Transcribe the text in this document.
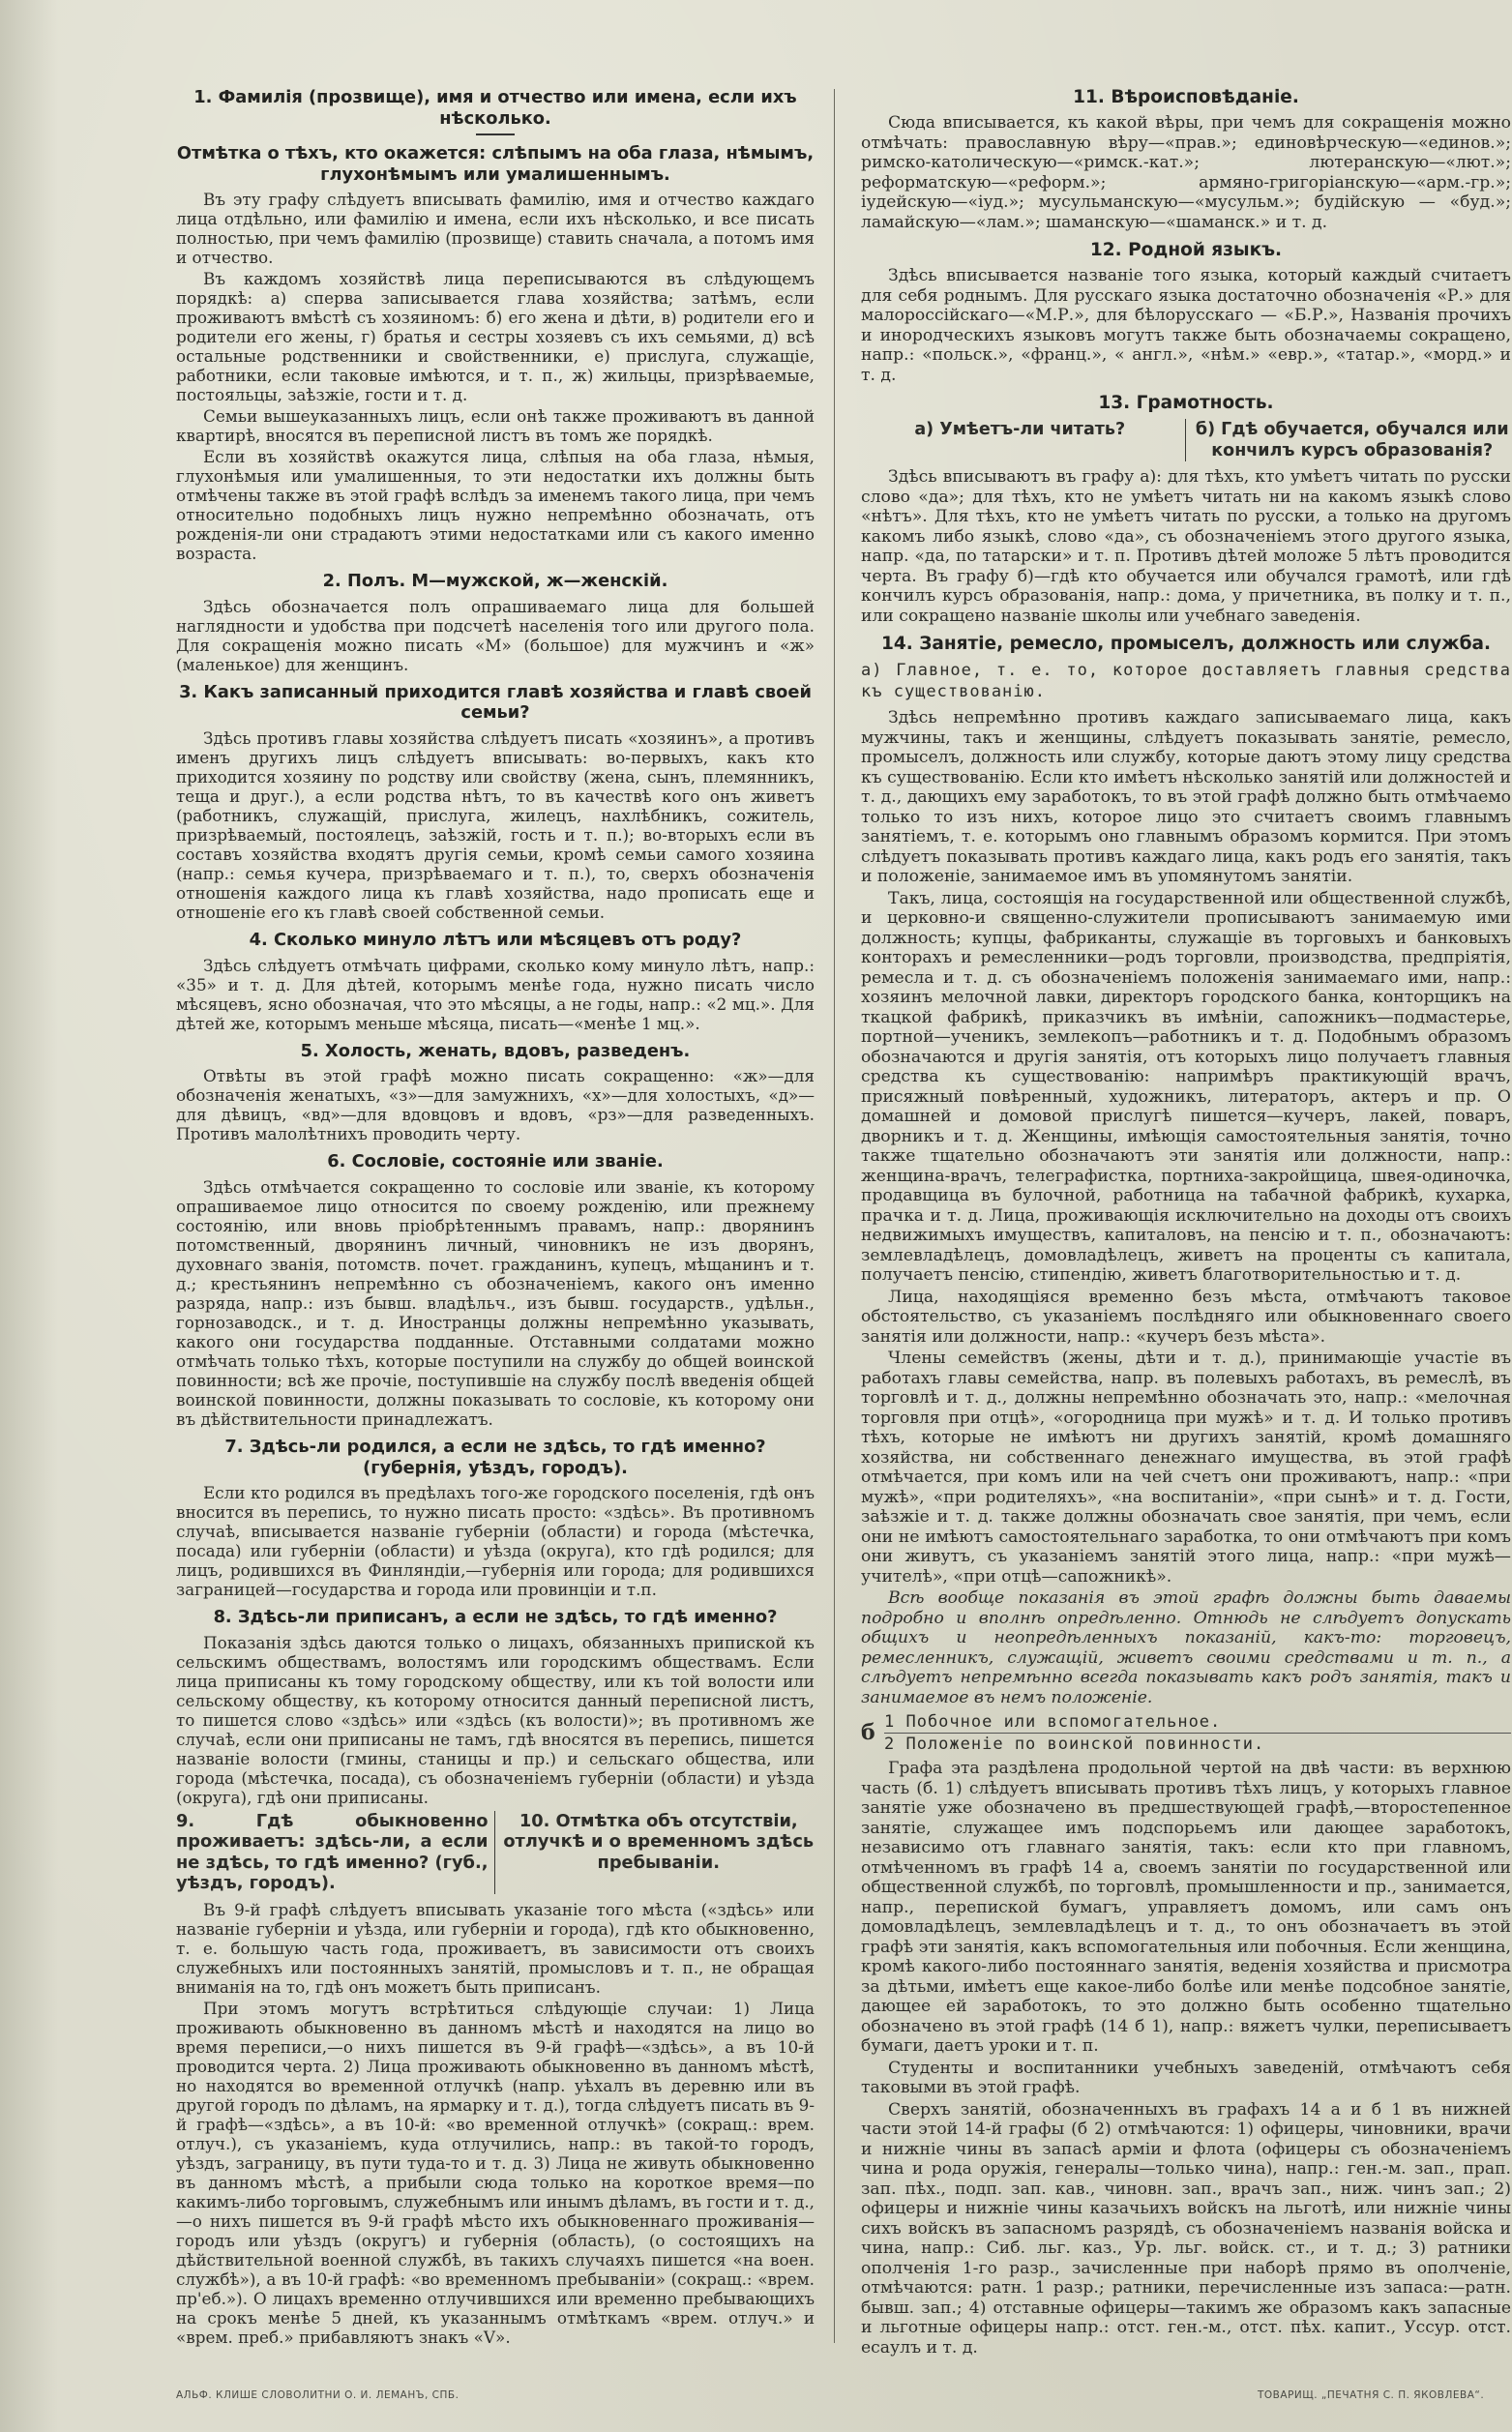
1. Фамилія (прозвище), имя и отчество или имена, если ихъ нѣсколько.
Отмѣтка о тѣхъ, кто окажется: слѣпымъ на оба глаза, нѣмымъ, глухонѣмымъ или умалишеннымъ.

Въ эту графу слѣдуетъ вписывать фамилію, имя и отчество каждаго лица отдѣльно, или фамилію и имена, если ихъ нѣсколько, и все писать полностью, при чемъ фамилію (прозвище) ставить сначала, а потомъ имя и отчество.

Въ каждомъ хозяйствѣ лица переписываются въ слѣдующемъ порядкѣ: а) сперва записывается глава хозяйства; затѣмъ, если проживаютъ вмѣстѣ съ хозяиномъ: б) его жена и дѣти, в) родители его и родители его жены, г) братья и сестры хозяевъ съ ихъ семьями, д) всѣ остальные родственники и свойственники, е) прислуга, служащіе, работники, если таковые имѣются, и т. п., ж) жильцы, призрѣваемые, постояльцы, заѣзжіе, гости и т. д.

Семьи вышеуказанныхъ лицъ, если онѣ также проживаютъ въ данной квартирѣ, вносятся въ переписной листъ въ томъ же порядкѣ.

Если въ хозяйствѣ окажутся лица, слѣпыя на оба глаза, нѣмыя, глухонѣмыя или умалишенныя, то эти недостатки ихъ должны быть отмѣчены также въ этой графѣ вслѣдъ за именемъ такого лица, при чемъ относительно подобныхъ лицъ нужно непремѣнно обозначать, отъ рожденія-ли они страдаютъ этими недостатками или съ какого именно возраста.

2. Полъ. М—мужской, ж—женскій.

Здѣсь обозначается полъ опрашиваемаго лица для большей наглядности и удобства при подсчетѣ населенія того или другого пола. Для сокращенія можно писать «М» (большое) для мужчинъ и «ж» (маленькое) для женщинъ.

3. Какъ записанный приходится главѣ хозяйства и главѣ своей семьи?

Здѣсь противъ главы хозяйства слѣдуетъ писать «хозяинъ», а противъ именъ другихъ лицъ слѣдуетъ вписывать: во-первыхъ, какъ кто приходится хозяину по родству или свойству (жена, сынъ, племянникъ, теща и друг.), а если родства нѣтъ, то въ качествѣ кого онъ живетъ (работникъ, служащій, прислуга, жилецъ, нахлѣбникъ, сожитель, призрѣваемый, постоялецъ, заѣзжій, гость и т. п.); во-вторыхъ если въ составъ хозяйства входятъ другія семьи, кромѣ семьи самого хозяина (напр.: семья кучера, призрѣваемаго и т. п.), то, сверхъ обозначенія отношенія каждого лица къ главѣ хозяйства, надо прописать еще и отношеніе его къ главѣ своей собственной семьи.

4. Сколько минуло лѣтъ или мѣсяцевъ отъ роду?

Здѣсь слѣдуетъ отмѣчать цифрами, сколько кому минуло лѣтъ, напр.: «35» и т. д. Для дѣтей, которымъ менѣе года, нужно писать число мѣсяцевъ, ясно обозначая, что это мѣсяцы, а не годы, напр.: «2 мц.». Для дѣтей же, которымъ меньше мѣсяца, писать—«менѣе 1 мц.».

5. Холость, женать, вдовъ, разведенъ.

Отвѣты въ этой графѣ можно писать сокращенно: «ж»—для обозначенія женатыхъ, «з»—для замужнихъ, «х»—для холостыхъ, «д»—для дѣвицъ, «вд»—для вдовцовъ и вдовъ, «рз»—для разведенныхъ. Противъ малолѣтнихъ проводить черту.

6. Сословіе, состояніе или званіе.

Здѣсь отмѣчается сокращенно то сословіе или званіе, къ которому опрашиваемое лицо относится по своему рожденію, или прежнему состоянію, или вновь пріобрѣтеннымъ правамъ, напр.: дворянинъ потомственный, дворянинъ личный, чиновникъ не изъ дворянъ, духовнаго званія, потомств. почет. гражданинъ, купецъ, мѣщанинъ и т. д.; крестьянинъ непремѣнно съ обозначеніемъ, какого онъ именно разряда, напр.: изъ бывш. владѣльч., изъ бывш. государств., удѣльн., горнозаводск., и т. д. Иностранцы должны непремѣнно указывать, какого они государства подданные. Отставными солдатами можно отмѣчать только тѣхъ, которые поступили на службу до общей воинской повинности; всѣ же прочіе, поступившіе на службу послѣ введенія общей воинской повинности, должны показывать то сословіе, къ которому они въ дѣйствительности принадлежатъ.

7. Здѣсь-ли родился, а если не здѣсь, то гдѣ именно? (губернія, уѣздъ, городъ).

Если кто родился въ предѣлахъ того-же городского поселенія, гдѣ онъ вносится въ перепись, то нужно писать просто: «здѣсь». Въ противномъ случаѣ, вписывается названіе губерніи (области) и города (мѣстечка, посада) или губерніи (области) и уѣзда (округа), кто гдѣ родился; для лицъ, родившихся въ Финляндіи,—губернія или города; для родившихся заграницей—государства и города или провинціи и т.п.

8. Здѣсь-ли приписанъ, а если не здѣсь, то гдѣ именно?

Показанія здѣсь даются только о лицахъ, обязанныхъ припиской къ сельскимъ обществамъ, волостямъ или городскимъ обществамъ. Если лица приписаны къ тому городскому обществу, или къ той волости или сельскому обществу, къ которому относится данный переписной листъ, то пишется слово «здѣсь» или «здѣсь (къ волости)»; въ противномъ же случаѣ, если они приписаны не тамъ, гдѣ вносятся въ перепись, пишется названіе волости (гмины, станицы и пр.) и сельскаго общества, или города (мѣстечка, посада), съ обозначеніемъ губерніи (области) и уѣзда (округа), гдѣ они приписаны.

9. Гдѣ обыкновенно проживаетъ: здѣсь-ли, а если не здѣсь, то гдѣ именно? (губ., уѣздъ, городъ).
10. Отмѣтка объ отсутствіи, отлучкѣ и о временномъ здѣсь пребываніи.

Въ 9-й графѣ слѣдуетъ вписывать указаніе того мѣста («здѣсь» или названіе губерніи и уѣзда, или губерніи и города), гдѣ кто обыкновенно, т. е. большую часть года, проживаетъ, въ зависимости отъ своихъ служебныхъ или постоянныхъ занятій, промысловъ и т. п., не обращая вниманія на то, гдѣ онъ можетъ быть приписанъ.

При этомъ могутъ встрѣтиться слѣдующіе случаи: 1) Лица проживають обыкновенно въ данномъ мѣстѣ и находятся на лицо во время переписи,—о нихъ пишется въ 9-й графѣ—«здѣсь», а въ 10-й проводится черта. 2) Лица проживають обыкновенно въ данномъ мѣстѣ, но находятся во временной отлучкѣ (напр. уѣхалъ въ деревню или въ другой городъ по дѣламъ, на ярмарку и т. д.), тогда слѣдуетъ писать въ 9-й графѣ—«здѣсь», а въ 10-й: «во временной отлучкѣ» (сокращ.: врем. отлуч.), съ указаніемъ, куда отлучились, напр.: въ такой-то городъ, уѣздъ, заграницу, въ пути туда-то и т. д. 3) Лица не живуть обыкновенно въ данномъ мѣстѣ, а прибыли сюда только на короткое время—по какимъ-либо торговымъ, служебнымъ или инымъ дѣламъ, въ гости и т. д.,—о нихъ пишется въ 9-й графѣ мѣсто ихъ обыкновеннаго проживанія—городъ или уѣздъ (округъ) и губернія (область), (о состоящихъ на дѣйствительной военной службѣ, въ такихъ случаяхъ пишется «на воен. службѣ»), а въ 10-й графѣ: «во временномъ пребываніи» (сокращ.: «врем. пр'еб.»). О лицахъ временно отлучившихся или временно пребывающихъ на срокъ менѣе 5 дней, къ указаннымъ отмѣткамъ «врем. отлуч.» и «врем. преб.» прибавляютъ знакъ «V».

11. Вѣроисповѣданіе.

Сюда вписывается, къ какой вѣры, при чемъ для сокращенія можно отмѣчать: православную вѣру—«прав.»; единовѣрческую—«единов.»; римско-католическую—«римск.-кат.»; лютеранскую—«лют.»; реформатскую—«реформ.»; армяно-григоріанскую—«арм.-гр.»; іудейскую—«іуд.»; мусульманскую—«мусульм.»; будійскую — «буд.»; ламайскую—«лам.»; шаманскую—«шаманск.» и т. д.

12. Родной языкъ.

Здѣсь вписывается названіе того языка, который каждый считаетъ для себя роднымъ. Для русскаго языка достаточно обозначенія «Р.» для малороссійскаго—«М.Р.», для бѣлорусскаго — «Б.Р.», Названія прочихъ и инородческихъ языковъ могутъ также быть обозначаемы сокращено, напр.: «польск.», «франц.», « англ.», «нѣм.» «евр.», «татар.», «морд.» и т. д.

13. Грамотность.
а) Умѣетъ-ли читать?	б) Гдѣ обучается, обучался или кончилъ курсъ образованія?

Здѣсь вписываютъ въ графу а): для тѣхъ, кто умѣетъ читать по русски слово «да»; для тѣхъ, кто не умѣетъ читать ни на какомъ языкѣ слово «нѣтъ». Для тѣхъ, кто не умѣетъ читать по русски, а только на другомъ какомъ либо языкѣ, слово «да», съ обозначеніемъ этого другого языка, напр. «да, по татарски» и т. п. Противъ дѣтей моложе 5 лѣтъ проводится черта. Въ графу б)—гдѣ кто обучается или обучался грамотѣ, или гдѣ кончилъ курсъ образованія, напр.: дома, у причетника, въ полку и т. п., или сокращено названіе школы или учебнаго заведенія.

14. Занятіе, ремесло, промыселъ, должность или служба.
а) Главное, т. е. то, которое доставляетъ главныя средства къ существованію.

Здѣсь непремѣнно противъ каждаго записываемаго лица, какъ мужчины, такъ и женщины, слѣдуетъ показывать занятіе, ремесло, промыселъ, должность или службу, которые даютъ этому лицу средства къ существованію. Если кто имѣетъ нѣсколько занятій или должностей и т. д., дающихъ ему заработокъ, то въ этой графѣ должно быть отмѣчаемо только то изъ нихъ, которое лицо это считаетъ своимъ главнымъ занятіемъ, т. е. которымъ оно главнымъ образомъ кормится. При этомъ слѣдуетъ показывать противъ каждаго лица, какъ родъ его занятія, такъ и положеніе, занимаемое имъ въ упомянутомъ занятіи.

Такъ, лица, состоящія на государственной или общественной службѣ, и церковно-и священно-служители прописываютъ занимаемую ими должность; купцы, фабриканты, служащіе въ торговыхъ и банковыхъ конторахъ и ремесленники—родъ торговли, производства, предпріятія, ремесла и т. д. съ обозначеніемъ положенія занимаемаго ими, напр.: хозяинъ мелочной лавки, директоръ городского банка, конторщикъ на ткацкой фабрикѣ, приказчикъ въ имѣніи, сапожникъ—подмастерье, портной—ученикъ, землекопъ—работникъ и т. д. Подобнымъ образомъ обозначаются и другія занятія, отъ которыхъ лицо получаетъ главныя средства къ существованію: напримѣръ практикующій врачъ, присяжный повѣренный, художникъ, литераторъ, актеръ и пр. О домашней и домовой прислугѣ пишется—кучеръ, лакей, поваръ, дворникъ и т. д. Женщины, имѣющія самостоятельныя занятія, точно также тщательно обозначаютъ эти занятія или должности, напр.: женщина-врачъ, телеграфистка, портниха-закройщица, швея-одиночка, продавщица въ булочной, работница на табачной фабрикѣ, кухарка, прачка и т. д. Лица, проживающія исключительно на доходы отъ своихъ недвижимыхъ имуществъ, капиталовъ, на пенсію и т. п., обозначаютъ: землевладѣлецъ, домовладѣлецъ, живетъ на проценты съ капитала, получаетъ пенсію, стипендію, живетъ благотворительностью и т. д.

Лица, находящіяся временно безъ мѣста, отмѣчаютъ таковое обстоятельство, съ указаніемъ послѣдняго или обыкновеннаго своего занятія или должности, напр.: «кучеръ безъ мѣста».

Члены семействъ (жены, дѣти и т. д.), принимающіе участіе въ работахъ главы семейства, напр. въ полевыхъ работахъ, въ ремеслѣ, въ торговлѣ и т. д., должны непремѣнно обозначать это, напр.: «мелочная торговля при отцѣ», «огородница при мужѣ» и т. д. И только противъ тѣхъ, которые не имѣютъ ни другихъ занятій, кромѣ домашняго хозяйства, ни собственнаго денежнаго имущества, въ этой графѣ отмѣчается, при комъ или на чей счетъ они проживаютъ, напр.: «при мужѣ», «при родителяхъ», «на воспитаніи», «при сынѣ» и т. д. Гости, заѣзжіе и т. д. также должны обозначать свое занятія, при чемъ, если они не имѣютъ самостоятельнаго заработка, то они отмѣчаютъ при комъ они живутъ, съ указаніемъ занятій этого лица, напр.: «при мужѣ—учителѣ», «при отцѣ—сапожникѣ».

Всѣ вообще показанія въ этой графѣ должны быть даваемы подробно и вполнѣ опредѣленно. Отнюдь не слѣдуетъ допускать общихъ и неопредѣленныхъ показаній, какъ-то: торговецъ, ремесленникъ, служащій, живетъ своими средствами и т. п., а слѣдуетъ непремѣнно всегда показывать какъ родъ занятія, такъ и занимаемое въ немъ положеніе.

б 1 Побочное или вспомогательное.
2 Положеніе по воинской повинности.

Графа эта раздѣлена продольной чертой на двѣ части: въ верхнюю часть (б. 1) слѣдуетъ вписывать противъ тѣхъ лицъ, у которыхъ главное занятіе уже обозначено въ предшествующей графѣ,—второстепенное занятіе, служащее имъ подспорьемъ или дающее заработокъ, независимо отъ главнаго занятія, такъ: если кто при главномъ, отмѣченномъ въ графѣ 14 а, своемъ занятіи по государственной или общественной службѣ, по торговлѣ, промышленности и пр., занимается, напр., перепиской бумагъ, управляетъ домомъ, или самъ онъ домовладѣлецъ, землевладѣлецъ и т. д., то онъ обозначаетъ въ этой графѣ эти занятія, какъ вспомогательныя или побочныя. Если женщина, кромѣ какого-либо постояннаго занятія, веденія хозяйства и присмотра за дѣтьми, имѣетъ еще какое-либо болѣе или менѣе подсобное занятіе, дающее ей заработокъ, то это должно быть особенно тщательно обозначено въ этой графѣ (14 б 1), напр.: вяжетъ чулки, переписываетъ бумаги, даетъ уроки и т. п.

Студенты и воспитанники учебныхъ заведеній, отмѣчаютъ себя таковыми въ этой графѣ.

Сверхъ занятій, обозначенныхъ въ графахъ 14 а и б 1 въ нижней части этой 14-й графы (б 2) отмѣчаются: 1) офицеры, чиновники, врачи и нижніе чины въ запасѣ арміи и флота (офицеры съ обозначеніемъ чина и рода оружія, генералы—только чина), напр.: ген.-м. зап., прап. зап. пѣх., подп. зап. кав., чиновн. зап., врачъ зап., ниж. чинъ зап.; 2) офицеры и нижніе чины казачьихъ войскъ на льготѣ, или нижніе чины сихъ войскъ въ запасномъ разрядѣ, съ обозначеніемъ названія войска и чина, напр.: Сиб. льг. каз., Ур. льг. войск. ст., и т. д.; 3) ратники ополченія 1-го разр., зачисленные при наборѣ прямо въ ополченіе, отмѣчаются: ратн. 1 разр.; ратники, перечисленные изъ запаса:—ратн. бывш. зап.; 4) отставные офицеры—такимъ же образомъ какъ запасные и льготные офицеры напр.: отст. ген.-м., отст. пѣх. капит., Уссур. отст. есаулъ и т. д.

АЛЬФ. КЛИШЕ СЛОВОЛИТНИ О. И. ЛЕМАНЪ, СПБ.	ТОВАРИЩ. „ПЕЧАТНЯ С. П. ЯКОВЛЕВА“.
